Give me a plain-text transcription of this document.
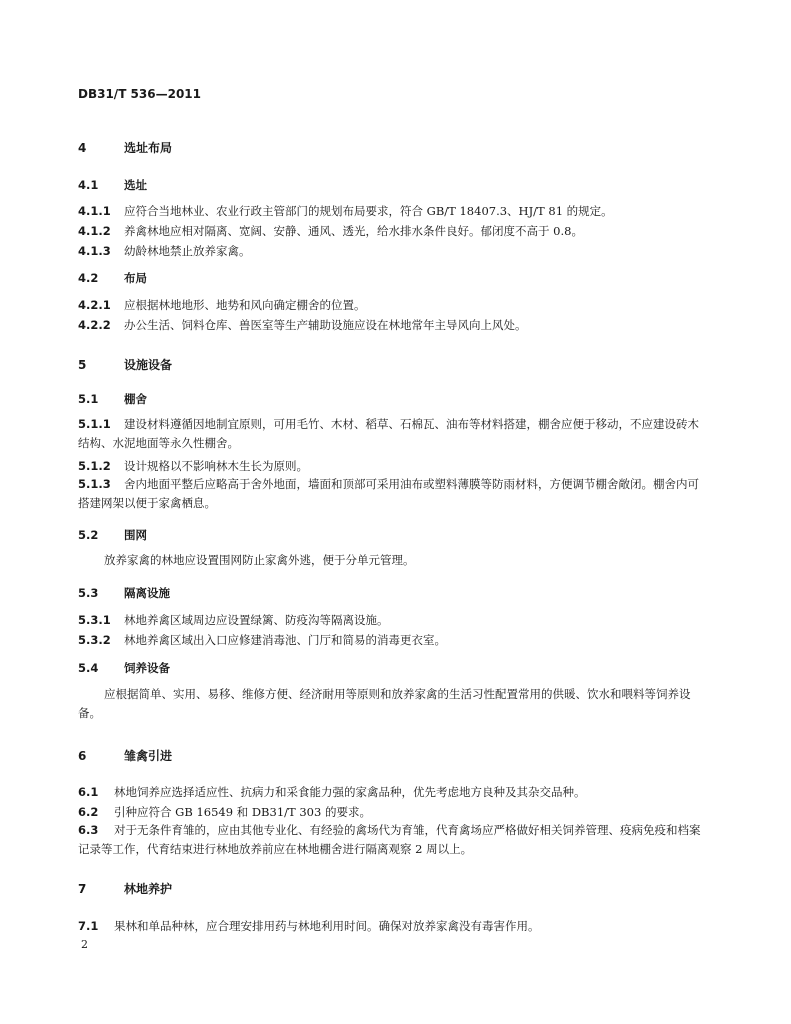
DB31/T 536—2011
4	选址布局
4.1 选址
4.1.1 应符合当地林业、农业行政主管部门的规划布局要求，符合 GB/T 18407.3、HJ/T 81 的规定。
4.1.2 养禽林地应相对隔离、宽阔、安静、通风、透光，给水排水条件良好。郁闭度不高于 0.8。
4.1.3 幼龄林地禁止放养家禽。
4.2 布局
4.2.1 应根据林地地形、地势和风向确定棚舍的位置。
4.2.2 办公生活、饲料仓库、兽医室等生产辅助设施应设在林地常年主导风向上风处。
5	设施设备
5.1 棚舍
5.1.1 建设材料遵循因地制宜原则，可用毛竹、木材、稻草、石棉瓦、油布等材料搭建，棚舍应便于移动，不应建设砖木结构、水泥地面等永久性棚舍。
5.1.2 设计规格以不影响林木生长为原则。
5.1.3 舍内地面平整后应略高于舍外地面，墙面和顶部可采用油布或塑料薄膜等防雨材料，方便调节棚舍敞闭。棚舍内可搭建网架以便于家禽栖息。
5.2 围网
放养家禽的林地应设置围网防止家禽外逃，便于分单元管理。
5.3 隔离设施
5.3.1 林地养禽区域周边应设置绿篱、防疫沟等隔离设施。
5.3.2 林地养禽区域出入口应修建消毒池、门厅和简易的消毒更衣室。
5.4 饲养设备
应根据简单、实用、易移、维修方便、经济耐用等原则和放养家禽的生活习性配置常用的供暖、饮水和喂料等饲养设备。
6	雏禽引进
6.1 林地饲养应选择适应性、抗病力和采食能力强的家禽品种，优先考虑地方良种及其杂交品种。
6.2 引种应符合 GB 16549 和 DB31/T 303 的要求。
6.3 对于无条件育雏的，应由其他专业化、有经验的禽场代为育雏，代育禽场应严格做好相关饲养管理、疫病免疫和档案记录等工作，代育结束进行林地放养前应在林地棚舍进行隔离观察 2 周以上。
7	林地养护
7.1 果林和单品种林，应合理安排用药与林地利用时间。确保对放养家禽没有毒害作用。
2
